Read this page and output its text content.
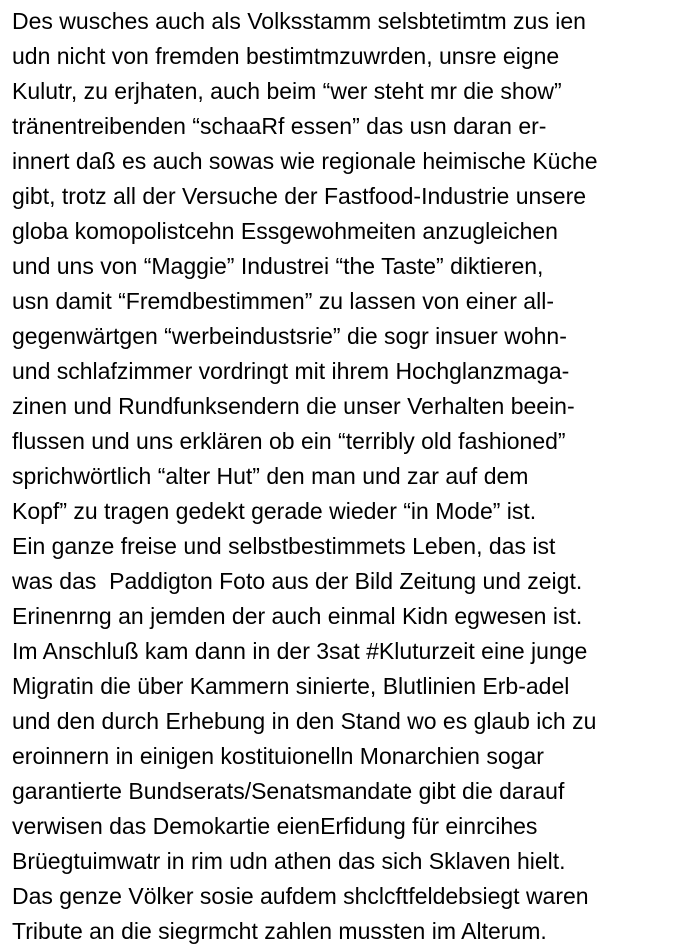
Des wusches auch als Volksstamm selsbtetimtm zus ien
udn nicht von fremden bestimtmzuwrden, unsre eigne
Kulutr, zu erjhaten, auch beim “wer steht mr die show”
tränentreibenden “schaaRf essen” das usn daran er-
innert daß es auch sowas wie regionale heimische Küche
gibt, trotz all der Versuche der Fastfood-Industrie unsere
globa komopolistcehn Essgewohmeiten anzugleichen
und uns von “Maggie” Industrei “the Taste” diktieren,
usn damit “Fremdbestimmen” zu lassen von einer all-
gegenwärtgen “werbeindustsrie” die sogr insuer wohn-
und schlafzimmer vordringt mit ihrem Hochglanzmaga-
zinen und Rundfunksendern die unser Verhalten beein-
flussen und uns erklären ob ein “terribly old fashioned”
sprichwörtlich “alter Hut” den man und zar auf dem
Kopf” zu tragen gedekt gerade wieder “in Mode” ist.
Ein ganze freise und selbstbestimmets Leben, das ist
was das  Paddigton Foto aus der Bild Zeitung und zeigt.
Erinenrng an jemden der auch einmal Kidn egwesen ist.
Im Anschluß kam dann in der 3sat #Kluturzeit eine junge
Migratin die über Kammern sinierte, Blutlinien Erb-adel
und den durch Erhebung in den Stand wo es glaub ich zu
eroinnern in einigen kostituionelln Monarchien sogar
garantierte Bundserats/Senatsmandate gibt die darauf
verwisen das Demokartie eienErfidung für einrcihes
Brüegtuimwatr in rim udn athen das sich Sklaven hielt.
Das genze Völker sosie aufdem shclcftfeldebsiegt waren
Tribute an die siegrmcht zahlen mussten im Alterum.
